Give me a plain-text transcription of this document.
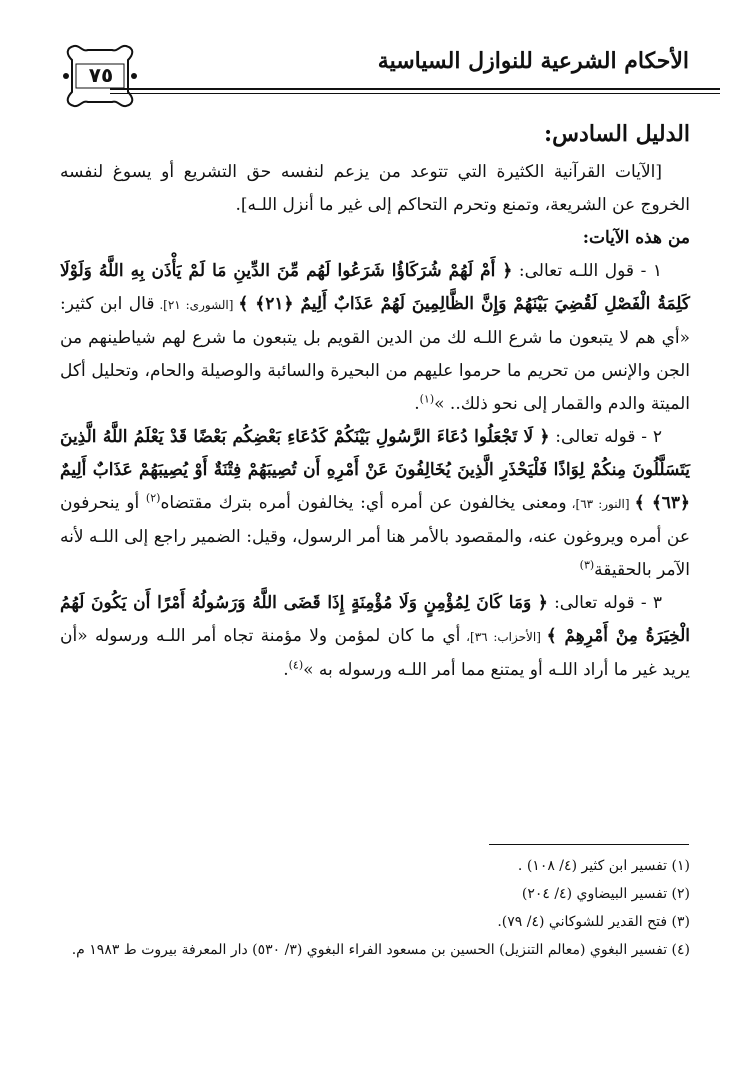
الأحكام الشرعية للنوازل السياسية
٧٥

الدليل السادس:

[الآيات القرآنية الكثيرة التي تتوعد من يزعم لنفسه حق التشريع أو يسوغ لنفسه الخروج عن الشريعة، وتمنع وتحرم التحاكم إلى غير ما أنزل اللـه].

من هذه الآيات:

١ - قول اللـه تعالى: ﴿ أَمْ لَهُمْ شُرَكَاؤُا شَرَعُوا لَهُم مِّنَ الدِّينِ مَا لَمْ يَأْذَن بِهِ اللَّهُ وَلَوْلَا كَلِمَةُ الْفَصْلِ لَقُضِيَ بَيْنَهُمْ وَإِنَّ الظَّالِمِينَ لَهُمْ عَذَابٌ أَلِيمٌ ﴿٢١﴾ ﴾ [الشورى: ٢١]. قال ابن كثير: «أي هم لا يتبعون ما شرع اللـه لك من الدين القويم بل يتبعون ما شرع لهم شياطينهم من الجن والإنس من تحريم ما حرموا عليهم من البحيرة والسائبة والوصيلة والحام، وتحليل أكل الميتة والدم والقمار إلى نحو ذلك.. »$^{(١)}$.

٢ - قوله تعالى: ﴿ لَا تَجْعَلُوا دُعَاءَ الرَّسُولِ بَيْنَكُمْ كَدُعَاءِ بَعْضِكُم بَعْضًا قَدْ يَعْلَمُ اللَّهُ الَّذِينَ يَتَسَلَّلُونَ مِنكُمْ لِوَاذًا فَلْيَحْذَرِ الَّذِينَ يُخَالِفُونَ عَنْ أَمْرِهِ أَن تُصِيبَهُمْ فِتْنَةٌ أَوْ يُصِيبَهُمْ عَذَابٌ أَلِيمٌ ﴿٦٣﴾ ﴾ [النور: ٦٣]، ومعنى يخالفون عن أمره أي: يخالفون أمره بترك مقتضاه$^{(٢)}$ أو ينحرفون عن أمره ويروغون عنه، والمقصود بالأمر هنا أمر الرسول، وقيل: الضمير راجع إلى اللـه لأنه الآمر بالحقيقة$^{(٣)}$

٣ - قوله تعالى: ﴿ وَمَا كَانَ لِمُؤْمِنٍ وَلَا مُؤْمِنَةٍ إِذَا قَضَى اللَّهُ وَرَسُولُهُ أَمْرًا أَن يَكُونَ لَهُمُ الْخِيَرَةُ مِنْ أَمْرِهِمْ ﴾ [الأحزاب: ٣٦]، أي ما كان لمؤمن ولا مؤمنة تجاه أمر اللـه ورسوله «أن يريد غير ما أراد اللـه أو يمتنع مما أمر اللـه ورسوله به »$^{(٤)}$.

(١) تفسير ابن كثير (٤/ ١٠٨) .
(٢) تفسير البيضاوي (٤/ ٢٠٤)
(٣) فتح القدير للشوكاني (٤/ ٧٩).
(٤) تفسير البغوي (معالم التنزيل) الحسين بن مسعود الفراء البغوي (٣/ ٥٣٠) دار المعرفة بيروت ط ١٩٨٣ م.
